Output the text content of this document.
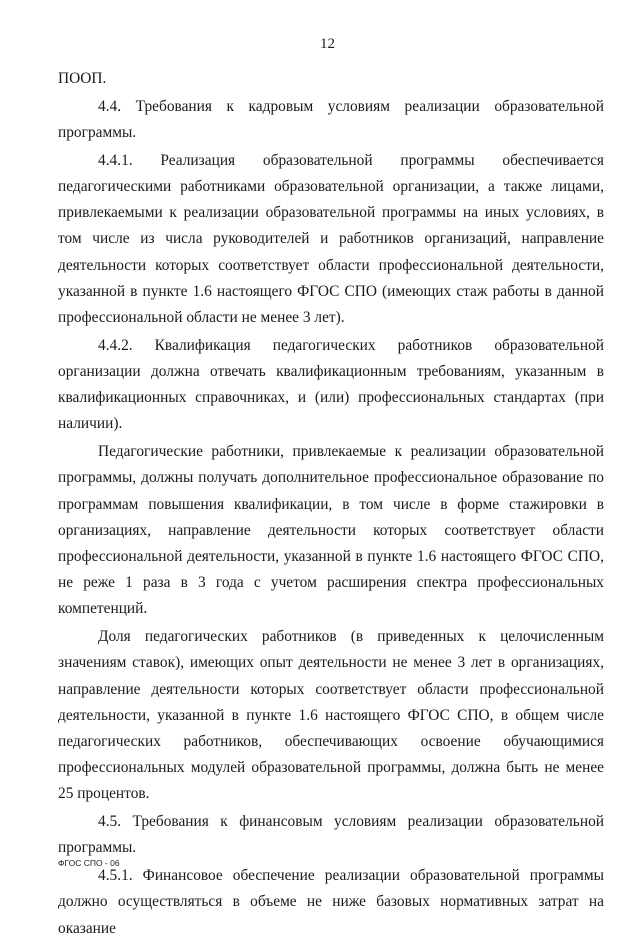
12

ПООП.

4.4. Требования к кадровым условиям реализации образовательной программы.

4.4.1. Реализация образовательной программы обеспечивается педагогическими работниками образовательной организации, а также лицами, привлекаемыми к реализации образовательной программы на иных условиях, в том числе из числа руководителей и работников организаций, направление деятельности которых соответствует области профессиональной деятельности, указанной в пункте 1.6 настоящего ФГОС СПО (имеющих стаж работы в данной профессиональной области не менее 3 лет).

4.4.2. Квалификация педагогических работников образовательной организации должна отвечать квалификационным требованиям, указанным в квалификационных справочниках, и (или) профессиональных стандартах (при наличии).

Педагогические работники, привлекаемые к реализации образовательной программы, должны получать дополнительное профессиональное образование по программам повышения квалификации, в том числе в форме стажировки в организациях, направление деятельности которых соответствует области профессиональной деятельности, указанной в пункте 1.6 настоящего ФГОС СПО, не реже 1 раза в 3 года с учетом расширения спектра профессиональных компетенций.

Доля педагогических работников (в приведенных к целочисленным значениям ставок), имеющих опыт деятельности не менее 3 лет в организациях, направление деятельности которых соответствует области профессиональной деятельности, указанной в пункте 1.6 настоящего ФГОС СПО, в общем числе педагогических работников, обеспечивающих освоение обучающимися профессиональных модулей образовательной программы, должна быть не менее 25 процентов.

4.5. Требования к финансовым условиям реализации образовательной программы.

4.5.1. Финансовое обеспечение реализации образовательной программы должно осуществляться в объеме не ниже базовых нормативных затрат на оказание

ФГОС СПО - 06
